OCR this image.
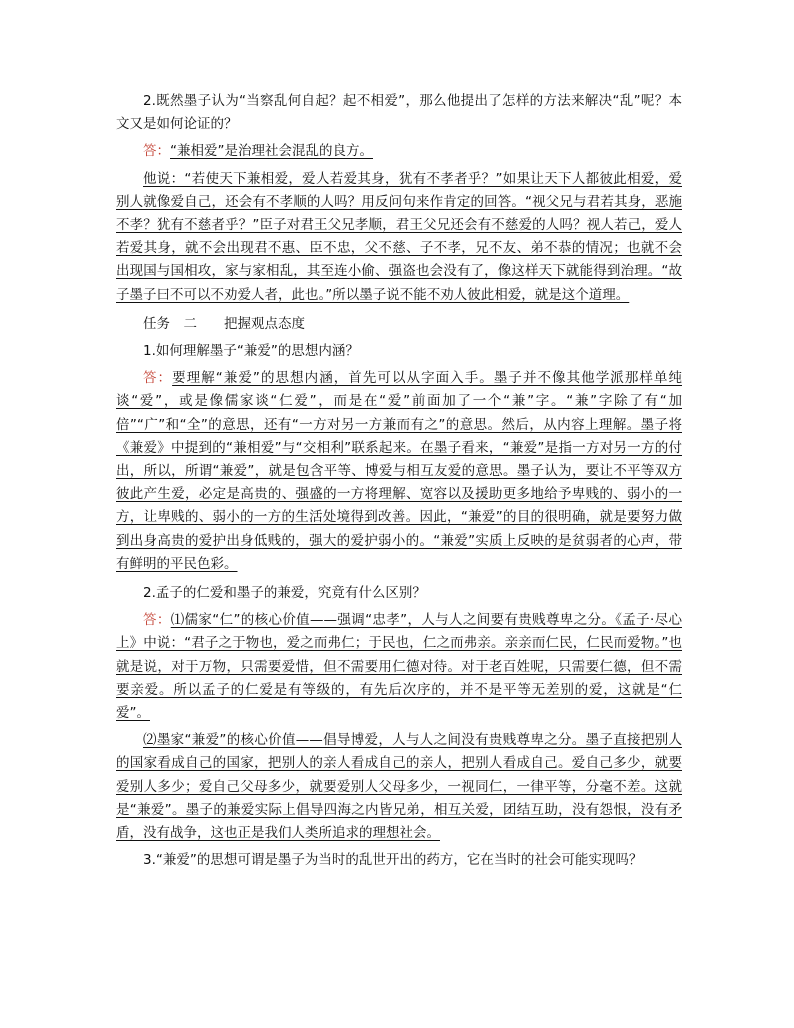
2.既然墨子认为“当察乱何自起？起不相爱”，那么他提出了怎样的方法来解决“乱”呢？本文又是如何论证的？

答：“兼相爱”是治理社会混乱的良方。

他说：“若使天下兼相爱，爱人若爱其身，犹有不孝者乎？”如果让天下人都彼此相爱，爱别人就像爱自己，还会有不孝顺的人吗？用反问句来作肯定的回答。“视父兄与君若其身，恶施不孝？犹有不慈者乎？”臣子对君王父兄孝顺，君王父兄还会有不慈爱的人吗？视人若己，爱人若爱其身，就不会出现君不惠、臣不忠，父不慈、子不孝，兄不友、弟不恭的情况；也就不会出现国与国相攻，家与家相乱，其至连小偷、强盗也会没有了，像这样天下就能得到治理。“故子墨子曰不可以不劝爱人者，此也。”所以墨子说不能不劝人彼此相爱，就是这个道理。

任务　二　　把握观点态度

1.如何理解墨子“兼爱”的思想内涵？

答：要理解“兼爱”的思想内涵，首先可以从字面入手。墨子并不像其他学派那样单纯谈“爱”，或是像儒家谈“仁爱”，而是在“爱”前面加了一个“兼”字。“兼”字除了有“加倍”“广”和“全”的意思，还有“一方对另一方兼而有之”的意思。然后，从内容上理解。墨子将《兼爱》中提到的“兼相爱”与“交相利”联系起来。在墨子看来，“兼爱”是指一方对另一方的付出，所以，所谓“兼爱”，就是包含平等、博爱与相互友爱的意思。墨子认为，要让不平等双方彼此产生爱，必定是高贵的、强盛的一方将理解、宽容以及援助更多地给予卑贱的、弱小的一方，让卑贱的、弱小的一方的生活处境得到改善。因此，“兼爱”的目的很明确，就是要努力做到出身高贵的爱护出身低贱的，强大的爱护弱小的。“兼爱”实质上反映的是贫弱者的心声，带有鲜明的平民色彩。

2.孟子的仁爱和墨子的兼爱，究竟有什么区别？

答：⑴儒家“仁”的核心价值——强调“忠孝”，人与人之间要有贵贱尊卑之分。《孟子·尽心上》中说：“君子之于物也，爱之而弗仁；于民也，仁之而弗亲。亲亲而仁民，仁民而爱物。”也就是说，对于万物，只需要爱惜，但不需要用仁德对待。对于老百姓呢，只需要仁德，但不需要亲爱。所以孟子的仁爱是有等级的，有先后次序的，并不是平等无差别的爱，这就是“仁爱”。

⑵墨家“兼爱”的核心价值——倡导博爱，人与人之间没有贵贱尊卑之分。墨子直接把别人的国家看成自己的国家，把别人的亲人看成自己的亲人，把别人看成自己。爱自己多少，就要爱别人多少；爱自己父母多少，就要爱别人父母多少，一视同仁，一律平等，分毫不差。这就是“兼爱”。墨子的兼爱实际上倡导四海之内皆兄弟，相互关爱，团结互助，没有怨恨，没有矛盾，没有战争，这也正是我们人类所追求的理想社会。

3.“兼爱”的思想可谓是墨子为当时的乱世开出的药方，它在当时的社会可能实现吗？
